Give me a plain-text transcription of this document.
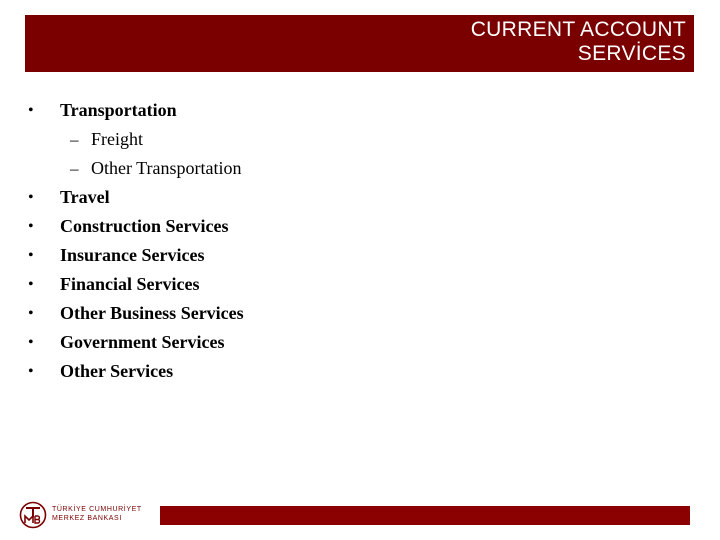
CURRENT ACCOUNT
SERVİCES
• Transportation
– Freight
– Other Transportation
• Travel
• Construction Services
• Insurance Services
• Financial Services
• Other Business Services
• Government Services
• Other Services
TÜRKİYE CUMHURİYET
MERKEZ BANKASI
